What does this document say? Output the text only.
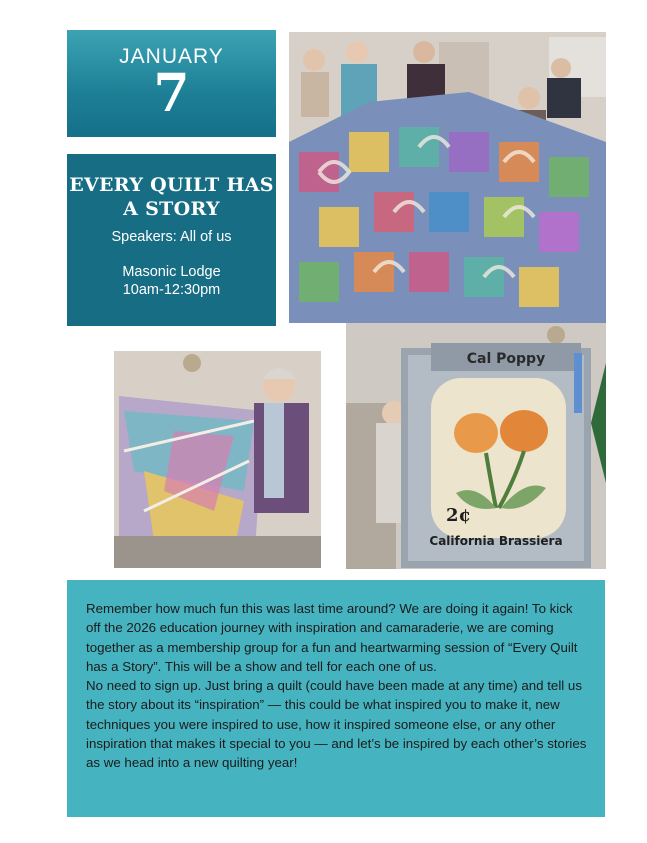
JANUARY
7
EVERY QUILT HAS A STORY
Speakers: All of us
Masonic Lodge
10am-12:30pm
Cal Poppy
2¢
California Brassiera

Remember how much fun this was last time around? We are doing it again! To kick off the 2026 education journey with inspiration and camaraderie, we are coming together as a membership group for a fun and heartwarming session of “Every Quilt has a Story”. This will be a show and tell for each one of us.

No need to sign up. Just bring a quilt (could have been made at any time) and tell us the story about its “inspiration” — this could be what inspired you to make it, new techniques you were inspired to use, how it inspired someone else, or any other inspiration that makes it special to you — and let’s be inspired by each other’s stories as we head into a new quilting year!
